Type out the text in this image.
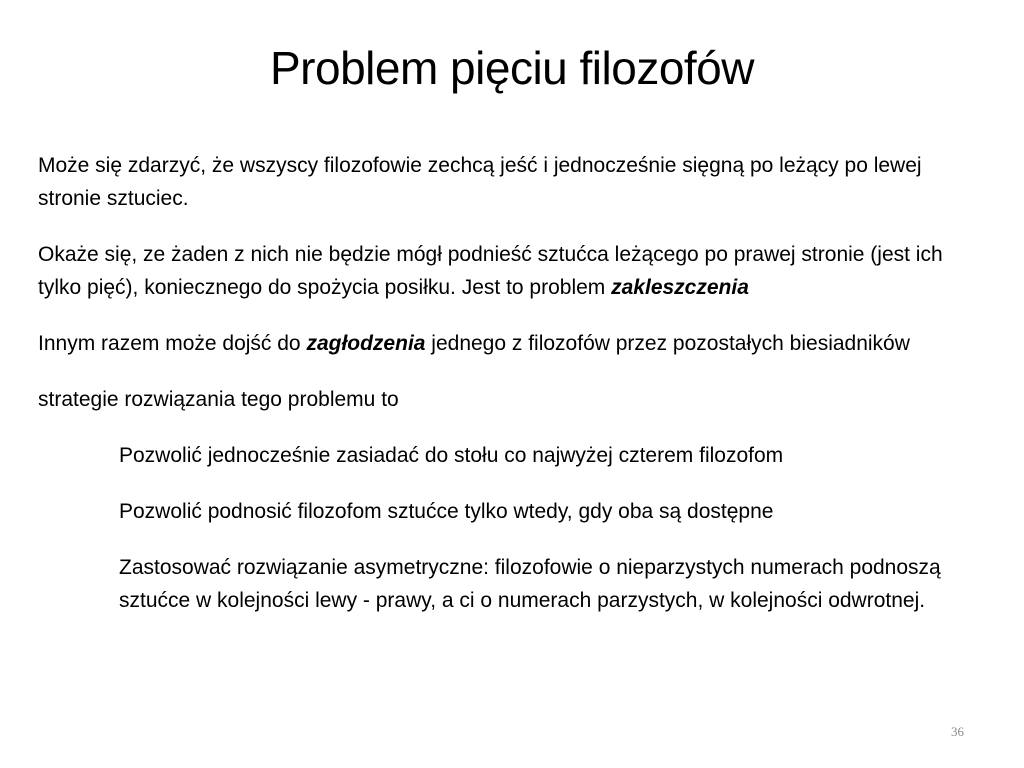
Problem pięciu filozofów

Może się zdarzyć, że wszyscy filozofowie zechcą jeść i jednocześnie sięgną po leżący po lewej stronie sztuciec.

Okaże się, ze żaden z nich nie będzie mógł podnieść sztućca leżącego po prawej stronie (jest ich tylko pięć), koniecznego do spożycia posiłku. Jest to problem zakleszczenia

Innym razem może dojść do zagłodzenia jednego z filozofów przez pozostałych biesiadników

strategie rozwiązania tego problemu to

Pozwolić jednocześnie zasiadać do stołu co najwyżej czterem filozofom

Pozwolić podnosić filozofom sztućce tylko wtedy, gdy oba są dostępne

Zastosować rozwiązanie asymetryczne: filozofowie o nieparzystych numerach podnoszą sztućce w kolejności lewy - prawy, a ci o numerach parzystych, w kolejności odwrotnej.

36
